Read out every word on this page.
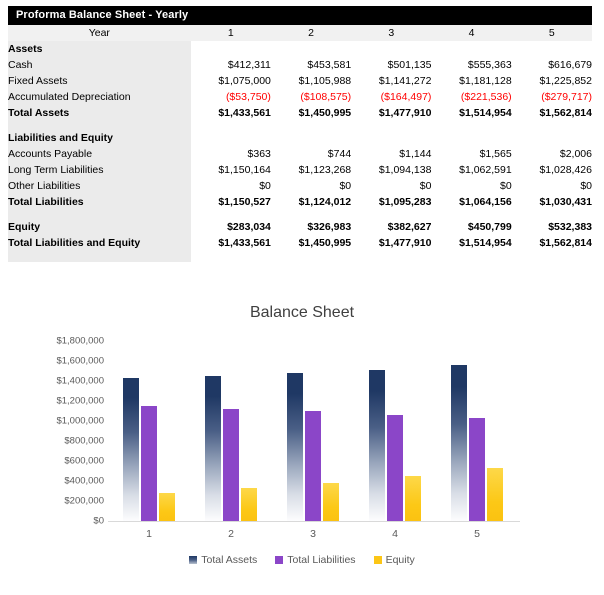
Proforma Balance Sheet - Yearly
Year	1	2	3	4	5
Assets					
Cash	$412,311	$453,581	$501,135	$555,363	$616,679
Fixed Assets	$1,075,000	$1,105,988	$1,141,272	$1,181,128	$1,225,852
Accumulated Depreciation	($53,750)	($108,575)	($164,497)	($221,536)	($279,717)
Total Assets	$1,433,561	$1,450,995	$1,477,910	$1,514,954	$1,562,814

Liabilities and Equity					
Accounts Payable	$363	$744	$1,144	$1,565	$2,006
Long Term Liabilities	$1,150,164	$1,123,268	$1,094,138	$1,062,591	$1,028,426
Other Liabilities	$0	$0	$0	$0	$0
Total Liabilities	$1,150,527	$1,124,012	$1,095,283	$1,064,156	$1,030,431

Equity	$283,034	$326,983	$382,627	$450,799	$532,383
Total Liabilities and Equity	$1,433,561	$1,450,995	$1,477,910	$1,514,954	$1,562,814

Balance Sheet
$0
$200,000
$400,000
$600,000
$800,000
$1,000,000
$1,200,000
$1,400,000
$1,600,000
$1,800,000
Total Assets	Total Liabilities	Equity
1	2	3	4	5
